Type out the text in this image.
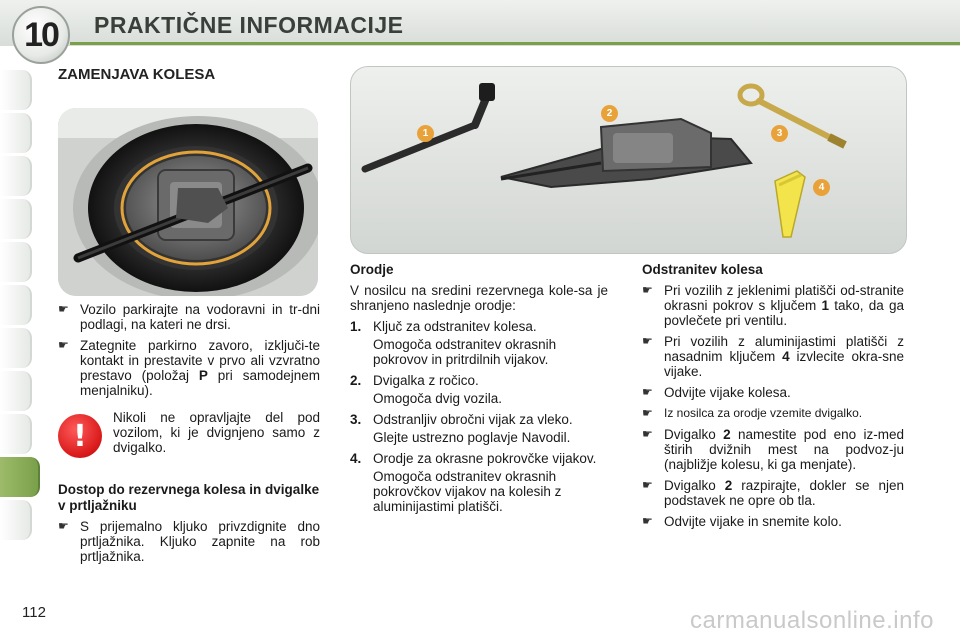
10 PRAKTIČNE INFORMACIJE
ZAMENJAVA KOLESA
1
2
3
4
☛ Vozilo parkirajte na vodoravni in tr-dni podlagi, na kateri ne drsi.
☛ Zategnite parkirno zavoro, izključi-te kontakt in prestavite v prvo ali vzvratno prestavo (položaj P pri samodejnem menjalniku).
!
Nikoli ne opravljajte del pod vozilom, ki je dvignjeno samo z dvigalko.
Dostop do rezervnega kolesa in dvigalke v prtljažniku
☛ S prijemalno kljuko privzdignite dno prtljažnika. Kljuko zapnite na rob prtljažnika.
Orodje
V nosilcu na sredini rezervnega kole-sa je shranjeno naslednje orodje:
1. Ključ za odstranitev kolesa.
Omogoča odstranitev okrasnih pokrovov in pritrdilnih vijakov.
2. Dvigalka z ročico.
Omogoča dvig vozila.
3. Odstranljiv obročni vijak za vleko.
Glejte ustrezno poglavje Navodil.
4. Orodje za okrasne pokrovčke vijakov.
Omogoča odstranitev okrasnih pokrovčkov vijakov na kolesih z aluminijastimi platišči.
Odstranitev kolesa
☛ Pri vozilih z jeklenimi platišči od-stranite okrasni pokrov s ključem 1 tako, da ga povlečete pri ventilu.
☛ Pri vozilih z aluminijastimi platišči z nasadnim ključem 4 izvlecite okra-sne vijake.
☛ Odvijte vijake kolesa.
☛ Iz nosilca za orodje vzemite dvigalko.
☛ Dvigalko 2 namestite pod eno iz-med štirih dvižnih mest na podvoz-ju (najbližje kolesu, ki ga menjate).
☛ Dvigalko 2 razpirajte, dokler se njen podstavek ne opre ob tla.
☛ Odvijte vijake in snemite kolo.
112	carmanualsonline.info
